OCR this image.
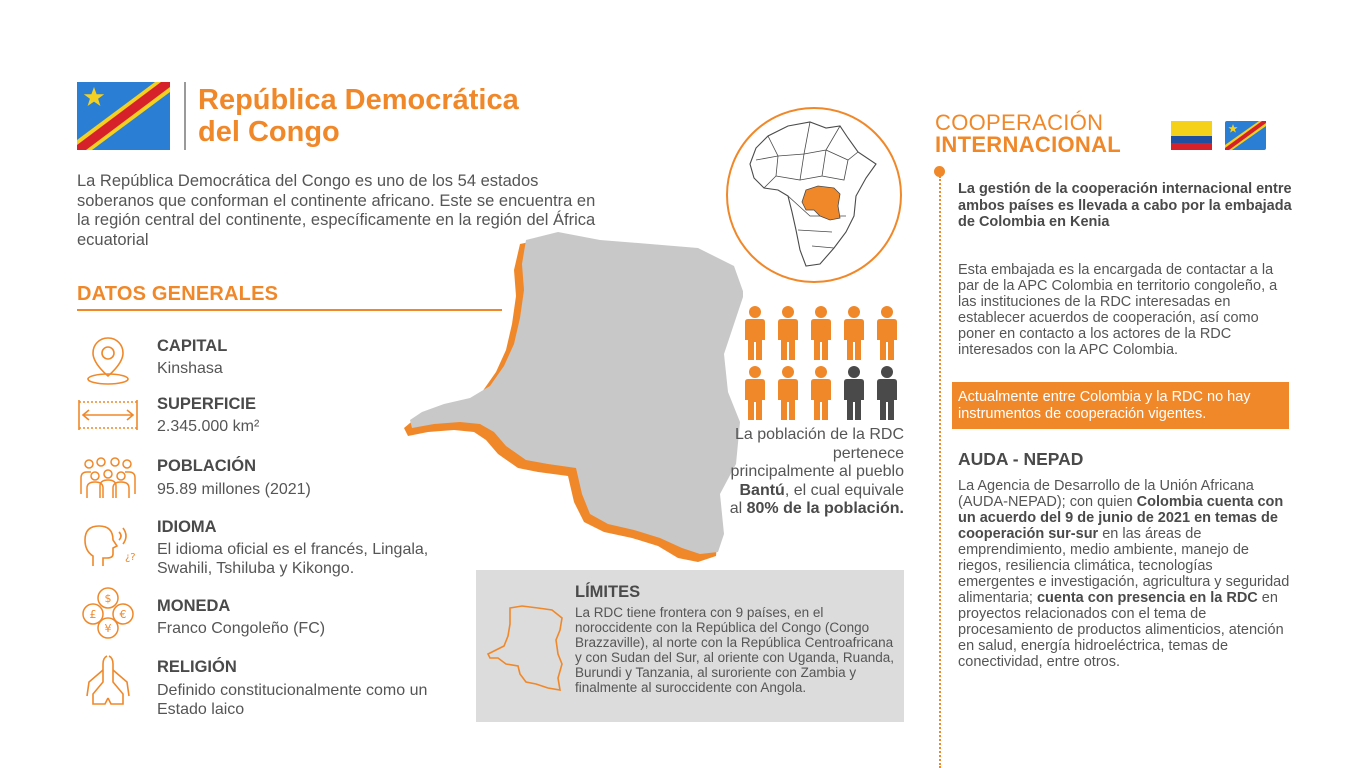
República Democrática
del Congo

La República Democrática del Congo es uno de los 54 estados soberanos que conforman el continente africano. Este se encuentra en la región central del continente, específicamente en la región del África ecuatorial

DATOS GENERALES
CAPITAL
Kinshasa
SUPERFICIE
2.345.000 km²
POBLACIÓN
95.89 millones (2021)
¿?
IDIOMA
El idioma oficial es el francés, Lingala, Swahili, Tshiluba y Kikongo.
$
£ €
¥
MONEDA
Franco Congoleño (FC)
RELIGIÓN
Definido constitucionalmente como un Estado laico

La población de la RDC pertenece principalmente al pueblo Bantú, el cual equivale al 80% de la población.

LÍMITES

La RDC tiene frontera con 9 países, en el noroccidente con la República del Congo (Congo Brazzaville), al norte con la República Centroafricana y con Sudan del Sur, al oriente con Uganda, Ruanda, Burundi y Tanzania, al suroriente con Zambia y finalmente al suroccidente con Angola.

COOPERACIÓN
INTERNACIONAL

La gestión de la cooperación internacional entre ambos países es llevada a cabo por la embajada de Colombia en Kenia

Esta embajada es la encargada de contactar a la par de la APC Colombia en territorio congoleño, a las instituciones de la RDC interesadas en establecer acuerdos de cooperación, así como poner en contacto a los actores de la RDC interesados con la APC Colombia.

Actualmente entre Colombia y la RDC no hay instrumentos de cooperación vigentes.
AUDA - NEPAD

La Agencia de Desarrollo de la Unión Africana (AUDA-NEPAD); con quien Colombia cuenta con un acuerdo del 9 de junio de 2021 en temas de cooperación sur-sur en las áreas de emprendimiento, medio ambiente, manejo de riegos, resiliencia climática, tecnologías emergentes e investigación, agricultura y seguridad alimentaria; cuenta con presencia en la RDC en proyectos relacionados con el tema de procesamiento de productos alimenticios, atención en salud, energía hidroeléctrica, temas de conectividad, entre otros.
